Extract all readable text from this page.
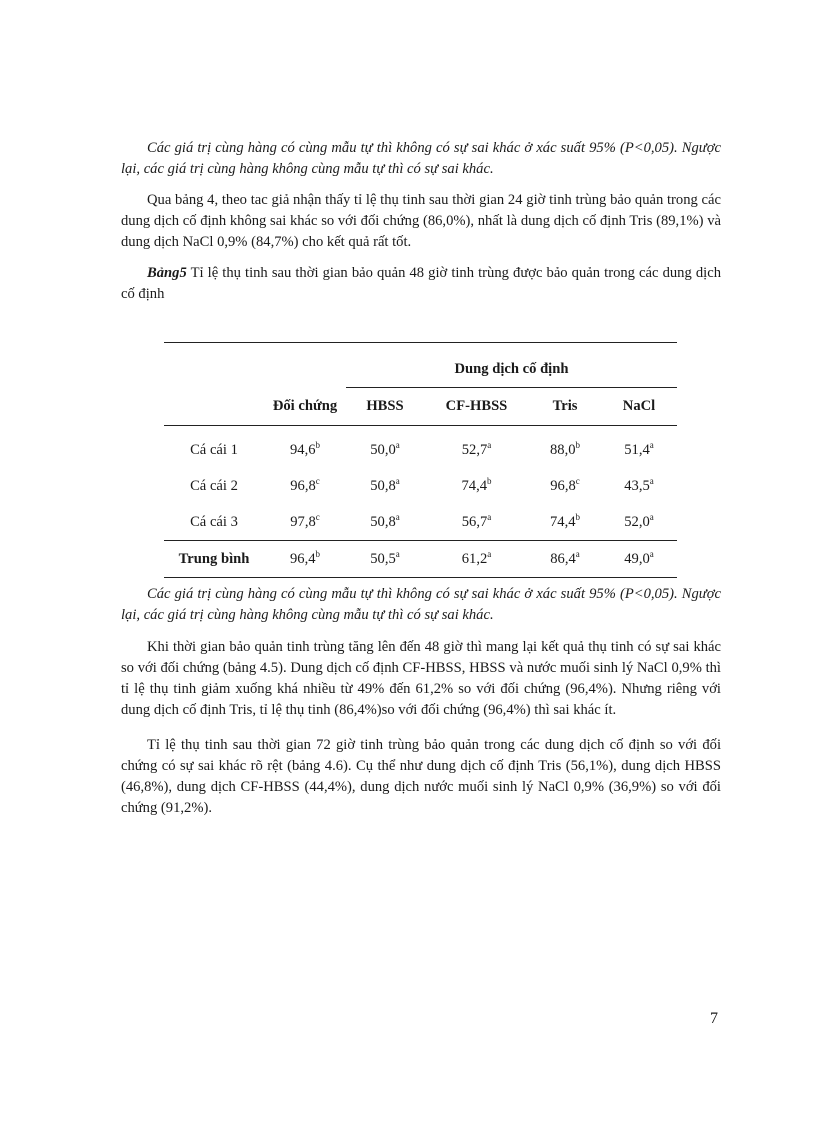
Các giá trị cùng hàng có cùng mẫu tự thì không có sự sai khác ở xác suất 95% (P<0,05). Ngược lại, các giá trị cùng hàng không cùng mẫu tự thì có sự sai khác.

Qua bảng 4, theo tac giả nhận thấy tỉ lệ thụ tinh sau thời gian 24 giờ tinh trùng bảo quản trong các dung dịch cố định không sai khác so với đối chứng (86,0%), nhất là dung dịch cố định Tris (89,1%) và dung dịch NaCl 0,9% (84,7%) cho kết quả rất tốt.

Bảng5 Tỉ lệ thụ tinh sau thời gian bảo quản 48 giờ tinh trùng được bảo quản trong các dung dịch cố định
		Dung dịch cố định			
	Đối chứng	HBSS	CF-HBSS	Tris	NaCl
Cá cái 1	94,6$^b$	50,0$^a$	52,7$^a$	88,0$^b$	51,4$^a$
Cá cái 2	96,8$^c$	50,8$^a$	74,4$^b$	96,8$^c$	43,5$^a$
Cá cái 3	97,8$^c$	50,8$^a$	56,7$^a$	74,4$^b$	52,0$^a$
Trung bình	96,4$^b$	50,5$^a$	61,2$^a$	86,4$^a$	49,0$^a$

Các giá trị cùng hàng có cùng mẫu tự thì không có sự sai khác ở xác suất 95% (P<0,05). Ngược lại, các giá trị cùng hàng không cùng mẫu tự thì có sự sai khác.

Khi thời gian bảo quản tinh trùng tăng lên đến 48 giờ thì mang lại kết quả thụ tinh có sự sai khác so với đối chứng (bảng 4.5). Dung dịch cố định CF-HBSS, HBSS và nước muối sinh lý NaCl 0,9% thì tỉ lệ thụ tinh giảm xuống khá nhiều từ 49% đến 61,2% so với đối chứng (96,4%). Nhưng riêng với dung dịch cố định Tris, tỉ lệ thụ tinh (86,4%)so với đối chứng (96,4%) thì sai khác ít.

Tỉ lệ thụ tinh sau thời gian 72 giờ tinh trùng bảo quản trong các dung dịch cố định so với đối chứng có sự sai khác rõ rệt (bảng 4.6). Cụ thể như dung dịch cố định Tris (56,1%), dung dịch HBSS (46,8%), dung dịch CF-HBSS (44,4%), dung dịch nước muối sinh lý NaCl 0,9% (36,9%) so với đối chứng (91,2%).

7
